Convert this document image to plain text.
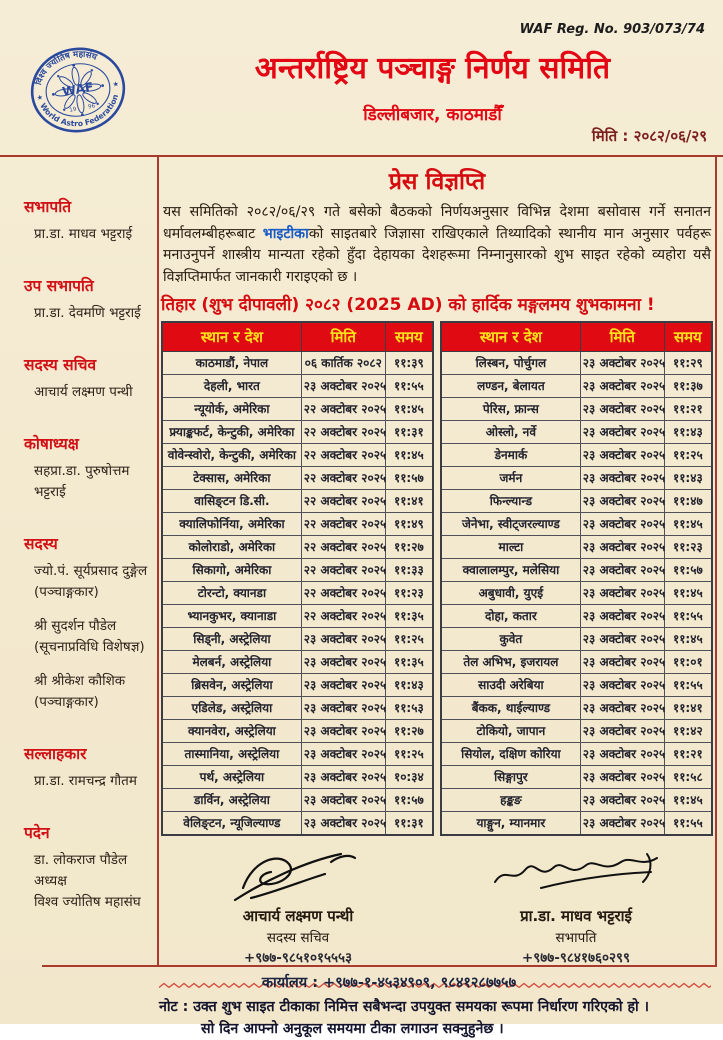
WAF Reg. No. 903/073/74
विश्व ज्योतिष महासंघ
World Astro Federation
WAF
★
★
19 96
अन्तर्राष्ट्रिय पञ्चाङ्ग निर्णय समिति
डिल्लीबजार, काठमाडौँ
मिति : २०८२/०६/२९
सभापति
प्रा.डा. माधव भट्टराई
उप सभापति
प्रा.डा. देवमणि भट्टराई
सदस्य सचिव
आचार्य लक्ष्मण पन्थी
कोषाध्यक्ष
सहप्रा.डा. पुरुषोत्तम भट्टराई
सदस्य
ज्यो.पं. सूर्यप्रसाद दुङ्गेल
(पञ्चाङ्गकार)
श्री सुदर्शन पौडेल
(सूचनाप्रविधि विशेषज्ञ)
श्री श्रीकेश कौशिक
(पञ्चाङ्गकार)
सल्लाहकार
प्रा.डा. रामचन्द्र गौतम
पदेन
डा. लोकराज पौडेल
अध्यक्ष
विश्व ज्योतिष महासंघ
प्रेस विज्ञप्ति
यस समितिको २०८२/०६/२९ गते बसेको बैठकको निर्णयअनुसार विभिन्न देशमा बसोवास गर्ने सनातन धर्मावलम्बीहरूबाट भाइटीकाको साइतबारे जिज्ञासा राखिएकाले तिथ्यादिको स्थानीय मान अनुसार पर्वहरू मनाउनुपर्ने शास्त्रीय मान्यता रहेको हुँदा देहायका देशहरूमा निम्नानुसारको शुभ साइत रहेको व्यहोरा यसै विज्ञप्तिमार्फत जानकारी गराइएको छ ।
तिहार (शुभ दीपावली) २०८२ (2025 AD) को हार्दिक मङ्गलमय शुभकामना !
स्थान र देश	मिति	समय
काठमाडौं, नेपाल	०६ कार्तिक २०८२	११:३९
देहली, भारत	२३ अक्टोबर २०२५	११:५५
न्यूयोर्क, अमेरिका	२२ अक्टोबर २०२५	११:४५
फ्र्याङ्कफर्ट, केन्टुकी, अमेरिका	२२ अक्टोबर २०२५	११:३१
वोवेन्स्वोरो, केन्टुकी, अमेरिका	२२ अक्टोबर २०२५	११:४५
टेक्सास, अमेरिका	२२ अक्टोबर २०२५	११:५७
वासिङ्टन डि.सी.	२२ अक्टोबर २०२५	११:४१
क्यालिफोर्निया, अमेरिका	२२ अक्टोबर २०२५	११:४९
कोलोराडो, अमेरिका	२२ अक्टोबर २०२५	११:२७
सिकागो, अमेरिका	२२ अक्टोबर २०२५	११:३३
टोरन्टो, क्यानडा	२२ अक्टोबर २०२५	११:२३
भ्यानकुभर, क्यानाडा	२२ अक्टोबर २०२५	११:३५
सिड्नी, अस्ट्रेलिया	२३ अक्टोबर २०२५	११:२५
मेलबर्न, अस्ट्रेलिया	२३ अक्टोबर २०२५	११:३५
ब्रिसवेन, अस्ट्रेलिया	२३ अक्टोबर २०२५	११:४३
एडिलेड, अस्ट्रेलिया	२३ अक्टोबर २०२५	११:५३
क्यानवेरा, अस्ट्रेलिया	२३ अक्टोबर २०२५	११:२७
तास्मानिया, अस्ट्रेलिया	२३ अक्टोबर २०२५	११:२५
पर्थ, अस्ट्रेलिया	२३ अक्टोबर २०२५	१०:३४
डार्विन, अस्ट्रेलिया	२३ अक्टोबर २०२५	११:५७
वेलिङ्टन, न्यूजिल्याण्ड	२३ अक्टोबर २०२५	११:३१
स्थान र देश	मिति	समय
लिस्बन, पोर्चुगल	२३ अक्टोबर २०२५	११:२९
लण्डन, बेलायत	२३ अक्टोबर २०२५	११:३७
पेरिस, फ्रान्स	२३ अक्टोबर २०२५	११:२१
ओस्लो, नर्वे	२३ अक्टोबर २०२५	११:४३
डेनमार्क	२३ अक्टोबर २०२५	११:२५
जर्मन	२३ अक्टोबर २०२५	११:४३
फिन्ल्यान्ड	२३ अक्टोबर २०२५	११:४७
जेनेभा, स्वीट्जरल्याण्ड	२३ अक्टोबर २०२५	११:४५
माल्टा	२३ अक्टोबर २०२५	११:२३
क्वालालम्पुर, मलेसिया	२३ अक्टोबर २०२५	११:५७
अबुधावी, युएई	२३ अक्टोबर २०२५	११:४५
दोहा, कतार	२३ अक्टोबर २०२५	११:५५
कुवेत	२३ अक्टोबर २०२५	११:४५
तेल अभिभ, इजरायल	२३ अक्टोबर २०२५	११:०१
साउदी अरेबिया	२३ अक्टोबर २०२५	११:५५
बैंकक, थाईल्याण्ड	२३ अक्टोबर २०२५	११:४१
टोकियो, जापान	२३ अक्टोबर २०२५	११:४२
सियोल, दक्षिण कोरिया	२३ अक्टोबर २०२५	११:२१
सिङ्गापुर	२३ अक्टोबर २०२५	११:५८
हङ्कङ	२३ अक्टोबर २०२५	११:४५
याङ्गुन, म्यानमार	२३ अक्टोबर २०२५	११:५५
आचार्य लक्ष्मण पन्थी
सदस्य सचिव
+९७७-९८५१०१५५५३
प्रा.डा. माधव भट्टराई
सभापति
+९७७-९८४१७६०२९९
नोट : उक्त शुभ साइत टीकाका निमित्त सबैभन्दा उपयुक्त समयका रूपमा निर्धारण गरिएको हो ।
सो दिन आफ्नो अनुकूल समयमा टीका लगाउन सक्नुहुनेछ ।
कार्यालय : +९७७-१-४५३४९०९, ९८४१२८७७५७
